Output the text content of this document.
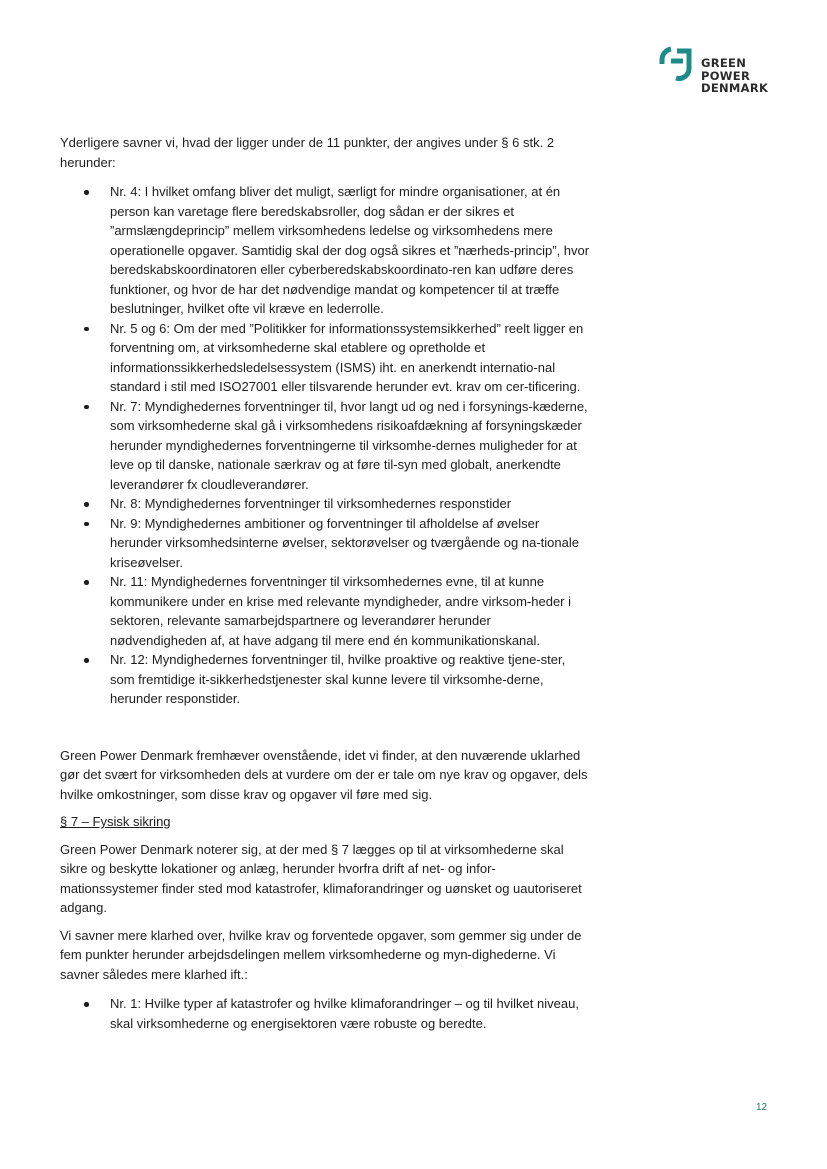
GREEN
POWER
DENMARK

Yderligere savner vi, hvad der ligger under de 11 punkter, der angives under § 6 stk. 2 herunder:

Nr. 4: I hvilket omfang bliver det muligt, særligt for mindre organisationer, at én person kan varetage flere beredskabsroller, dog sådan er der sikres et ”armslængdeprincip” mellem virksomhedens ledelse og virksomhedens mere operationelle opgaver. Samtidig skal der dog også sikres et ”nærheds-princip”, hvor beredskabskoordinatoren eller cyberberedskabskoordinato-ren kan udføre deres funktioner, og hvor de har det nødvendige mandat og kompetencer til at træffe beslutninger, hvilket ofte vil kræve en lederrolle.
Nr. 5 og 6: Om der med ”Politikker for informationssystemsikkerhed” reelt ligger en forventning om, at virksomhederne skal etablere og opretholde et informationssikkerhedsledelsessystem (ISMS) iht. en anerkendt internatio-nal standard i stil med ISO27001 eller tilsvarende herunder evt. krav om cer-tificering.
Nr. 7: Myndighedernes forventninger til, hvor langt ud og ned i forsynings-kæderne, som virksomhederne skal gå i virksomhedens risikoafdækning af forsyningskæder herunder myndighedernes forventningerne til virksomhe-dernes muligheder for at leve op til danske, nationale særkrav og at føre til-syn med globalt, anerkendte leverandører fx cloudleverandører.
Nr. 8: Myndighedernes forventninger til virksomhedernes responstider
Nr. 9: Myndighedernes ambitioner og forventninger til afholdelse af øvelser herunder virksomhedsinterne øvelser, sektorøvelser og tværgående og na-tionale kriseøvelser.
Nr. 11: Myndighedernes forventninger til virksomhedernes evne, til at kunne kommunikere under en krise med relevante myndigheder, andre virksom-heder i sektoren, relevante samarbejdspartnere og leverandører herunder nødvendigheden af, at have adgang til mere end én kommunikationskanal.
Nr. 12: Myndighedernes forventninger til, hvilke proaktive og reaktive tjene-ster, som fremtidige it-sikkerhedstjenester skal kunne levere til virksomhe-derne, herunder responstider.

Green Power Denmark fremhæver ovenstående, idet vi finder, at den nuværende uklarhed gør det svært for virksomheden dels at vurdere om der er tale om nye krav og opgaver, dels hvilke omkostninger, som disse krav og opgaver vil føre med sig.

§ 7 – Fysisk sikring

Green Power Denmark noterer sig, at der med § 7 lægges op til at virksomhederne skal sikre og beskytte lokationer og anlæg, herunder hvorfra drift af net- og infor-mationssystemer finder sted mod katastrofer, klimaforandringer og uønsket og uautoriseret adgang.

Vi savner mere klarhed over, hvilke krav og forventede opgaver, som gemmer sig under de fem punkter herunder arbejdsdelingen mellem virksomhederne og myn-dighederne. Vi savner således mere klarhed ift.:

Nr. 1: Hvilke typer af katastrofer og hvilke klimaforandringer – og til hvilket niveau, skal virksomhederne og energisektoren være robuste og beredte.
12
